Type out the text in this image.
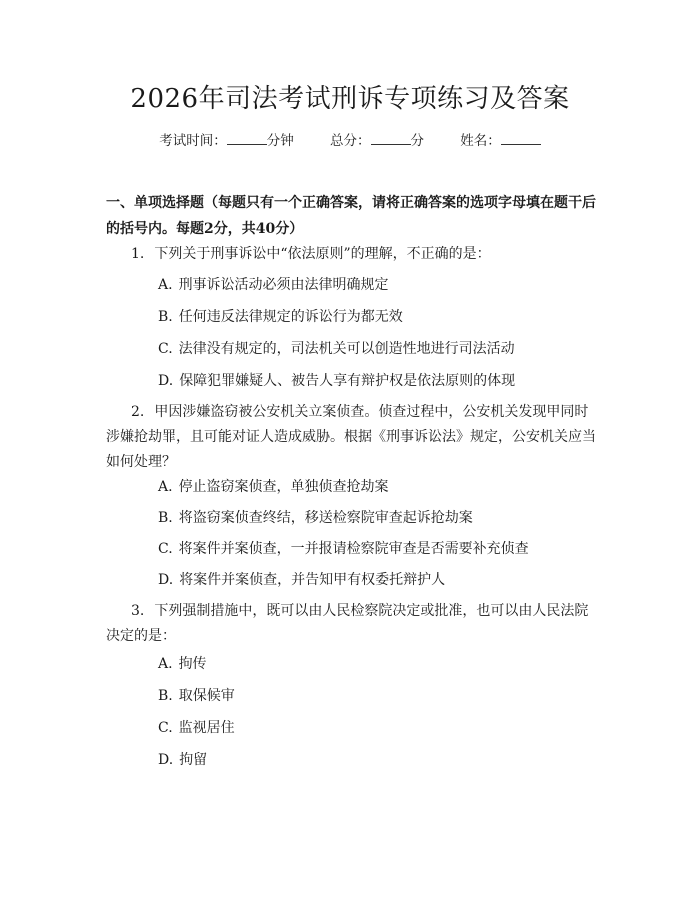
2026年司法考试刑诉专项练习及答案
考试时间：	分钟	总分：	分	姓名：
一、单项选择题（每题只有一个正确答案，请将正确答案的选项字母填在题干后的括号内。每题2分，共40分）
1. 下列关于刑事诉讼中“依法原则”的理解，不正确的是：
A. 刑事诉讼活动必须由法律明确规定
B. 任何违反法律规定的诉讼行为都无效
C. 法律没有规定的，司法机关可以创造性地进行司法活动
D. 保障犯罪嫌疑人、被告人享有辩护权是依法原则的体现
2. 甲因涉嫌盗窃被公安机关立案侦查。侦查过程中，公安机关发现甲同时涉嫌抢劫罪，且可能对证人造成威胁。根据《刑事诉讼法》规定，公安机关应当如何处理？
A. 停止盗窃案侦查，单独侦查抢劫案
B. 将盗窃案侦查终结，移送检察院审查起诉抢劫案
C. 将案件并案侦查，一并报请检察院审查是否需要补充侦查
D. 将案件并案侦查，并告知甲有权委托辩护人
3. 下列强制措施中，既可以由人民检察院决定或批准，也可以由人民法院决定的是：
A. 拘传
B. 取保候审
C. 监视居住
D. 拘留
